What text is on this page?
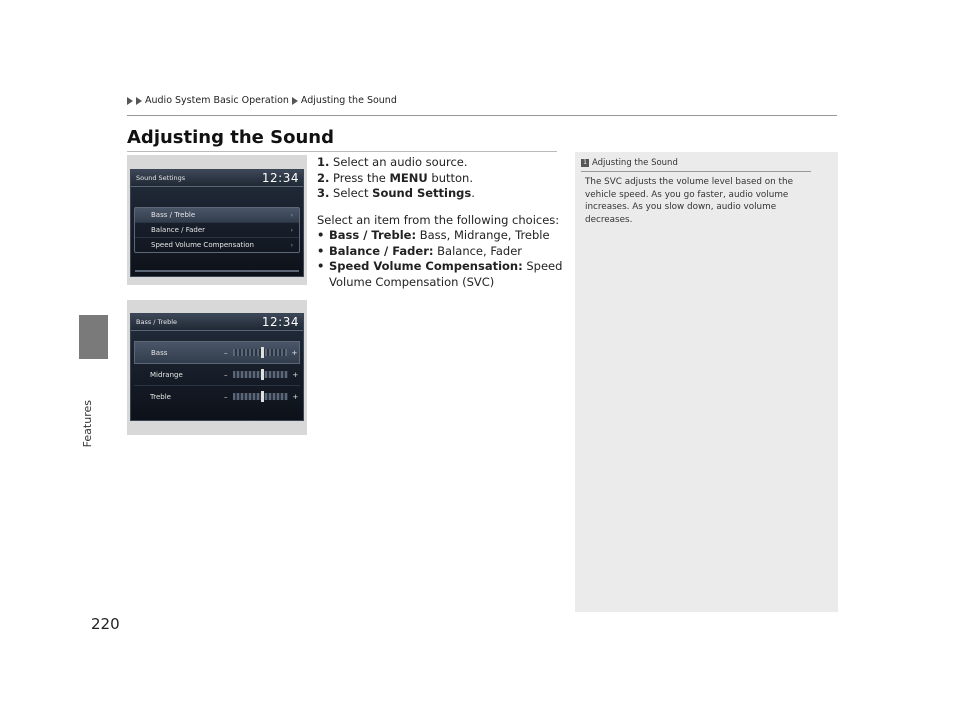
Features
Audio System Basic Operation Adjusting the Sound
Adjusting the Sound
Sound Settings	12:34
Bass / Treble	›
Balance / Fader	›
Speed Volume Compensation	›
Bass / Treble	12:34
Bass	–	+
Midrange	–	+
Treble	–	+
1. Select an audio source.
2. Press the MENU button.
3. Select Sound Settings.
Select an item from the following choices:
• Bass / Treble: Bass, Midrange, Treble
• Balance / Fader: Balance, Fader
• Speed Volume Compensation: Speed
Volume Compensation (SVC)
1 Adjusting the Sound
The SVC adjusts the volume level based on the
vehicle speed. As you go faster, audio volume
increases. As you slow down, audio volume
decreases.
220
